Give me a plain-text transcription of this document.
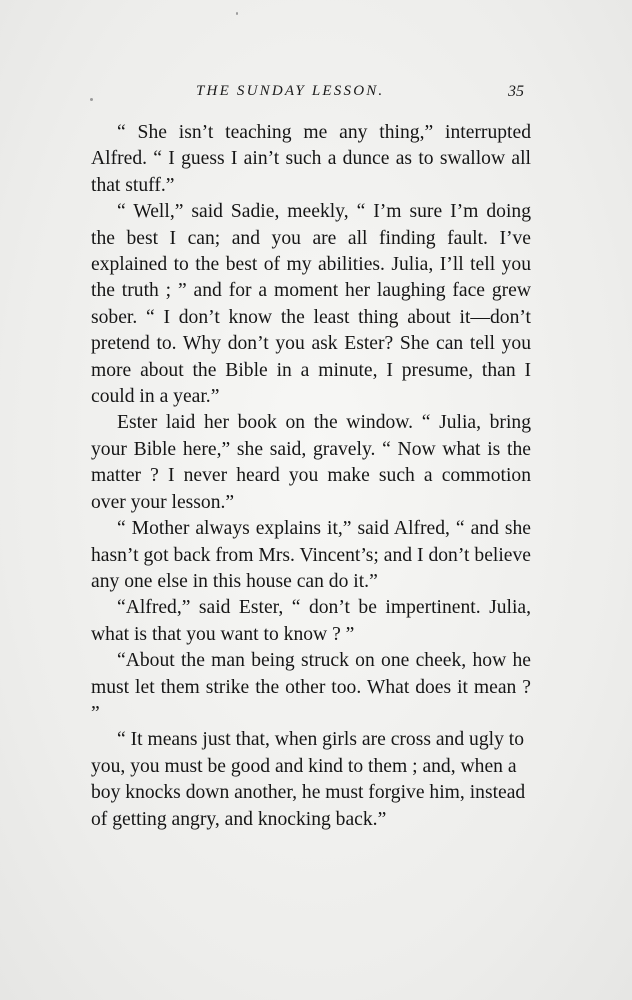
THE SUNDAY LESSON.	35

“ She isn’t teaching me any thing,” interrupted Alfred. “ I guess I ain’t such a dunce as to swallow all that stuff.”

“ Well,” said Sadie, meekly, “ I’m sure I’m doing the best I can; and you are all finding fault. I’ve explained to the best of my abilities. Julia, I’ll tell you the truth ; ” and for a moment her laughing face grew sober. “ I don’t know the least thing about it—don’t pretend to. Why don’t you ask Ester? She can tell you more about the Bible in a minute, I presume, than I could in a year.”

Ester laid her book on the window. “ Julia, bring your Bible here,” she said, gravely. “ Now what is the matter ? I never heard you make such a commotion over your lesson.”

“ Mother always explains it,” said Alfred, “ and she hasn’t got back from Mrs. Vincent’s; and I don’t believe any one else in this house can do it.”

“Alfred,” said Ester, “ don’t be impertinent. Julia, what is that you want to know ? ”

“About the man being struck on one cheek, how he must let them strike the other too. What does it mean ? ”

“ It means just that, when girls are cross and ugly to you, you must be good and kind to them ; and, when a boy knocks down another, he must forgive him, instead of getting angry, and knocking back.”
